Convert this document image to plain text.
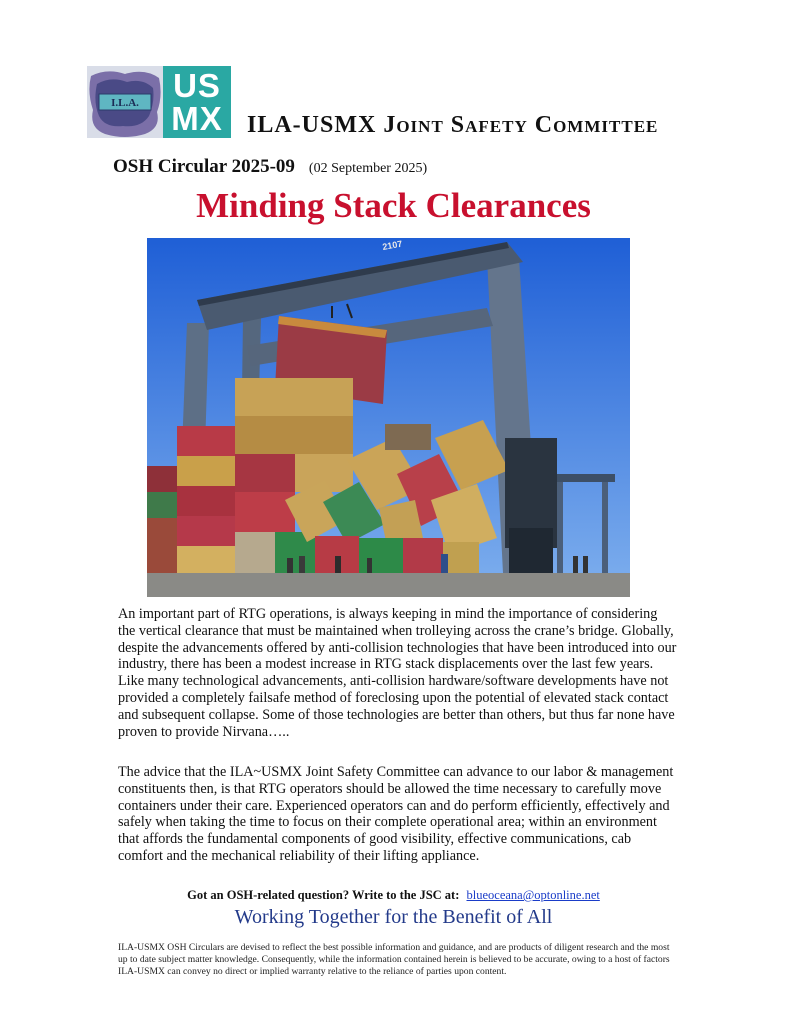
I.L.A.	US
MX	ILA-USMX Joint Safety Committee
OSH Circular 2025-09 (02 September 2025)
Minding Stack Clearances
2107

An important part of RTG operations, is always keeping in mind the importance of considering the vertical clearance that must be maintained when trolleying across the crane’s bridge. Globally, despite the advancements offered by anti-collision technologies that have been introduced into our industry, there has been a modest increase in RTG stack displacements over the last few years. Like many technological advancements, anti-collision hardware/software developments have not provided a completely failsafe method of foreclosing upon the potential of elevated stack contact and subsequent collapse. Some of those technologies are better than others, but thus far none have proven to provide Nirvana…..

The advice that the ILA~USMX Joint Safety Committee can advance to our labor & management constituents then, is that RTG operators should be allowed the time necessary to carefully move containers under their care. Experienced operators can and do perform efficiently, effectively and safely when taking the time to focus on their complete operational area; within an environment that affords the fundamental components of good visibility, effective communications, cab comfort and the mechanical reliability of their lifting appliance.

Got an OSH-related question? Write to the JSC at: blueoceana@optonline.net
Working Together for the Benefit of All

ILA-USMX OSH Circulars are devised to reflect the best possible information and guidance, and are products of diligent research and the most up to date subject matter knowledge. Consequently, while the information contained herein is believed to be accurate, owing to a host of factors ILA-USMX can convey no direct or implied warranty relative to the reliance of parties upon content.
